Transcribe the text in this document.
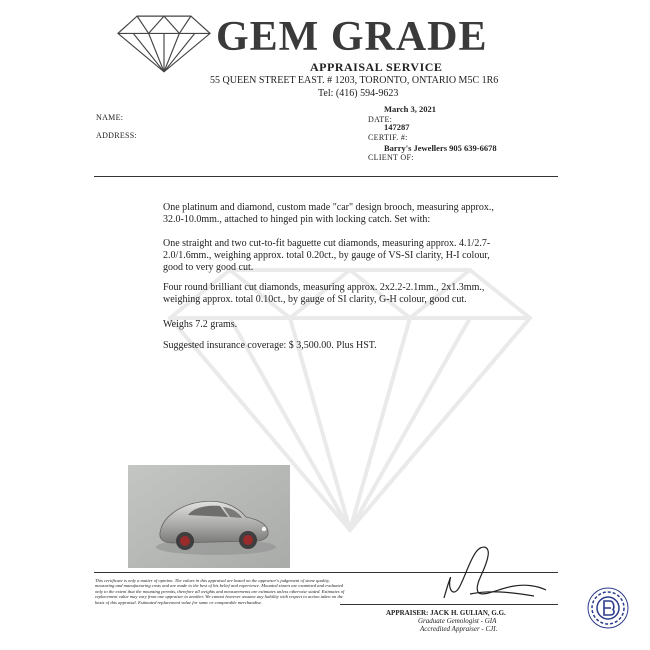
GEM GRADE
APPRAISAL SERVICE
55 QUEEN STREET EAST. # 1203, TORONTO, ONTARIO M5C 1R6
Tel: (416) 594-9623
NAME:
ADDRESS:
March 3, 2021
DATE:
147287
CERTIF. #:
Barry's Jewellers 905 639-6678
CLIENT OF:
One platinum and diamond, custom made "car" design brooch, measuring approx., 32.0-10.0mm., attached to hinged pin with locking catch. Set with:
One straight and two cut-to-fit baguette cut diamonds, measuring approx. 4.1/2.7-2.0/1.6mm., weighing approx. total 0.20ct., by gauge of VS-SI clarity, H-I colour, good to very good cut.
Four round brilliant cut diamonds, measuring approx. 2x2.2-2.1mm., 2x1.3mm., weighing approx. total 0.10ct., by gauge of SI clarity, G-H colour, good cut.
Weighs 7.2 grams.
Suggested insurance coverage: $ 3,500.00. Plus HST.
This certificate is only a matter of opinion. The values in this appraisal are based on the appraiser's judgement of stone quality, measuring and manufacturing costs and are made to the best of his belief and experience. Mounted stones are examined and evaluated only to the extent that the mounting permits, therefore all weights and measurements are estimates unless otherwise stated. Estimates of replacement value may vary from one appraiser to another. We cannot however assume any liability with respect to action taken on the basis of this appraisal. Estimated replacement value for same or comparable merchandise.
APPRAISER: JACK H. GULIAN, G.G.
Graduate Gemologist - GIA
Accredited Appraiser - CJI.
